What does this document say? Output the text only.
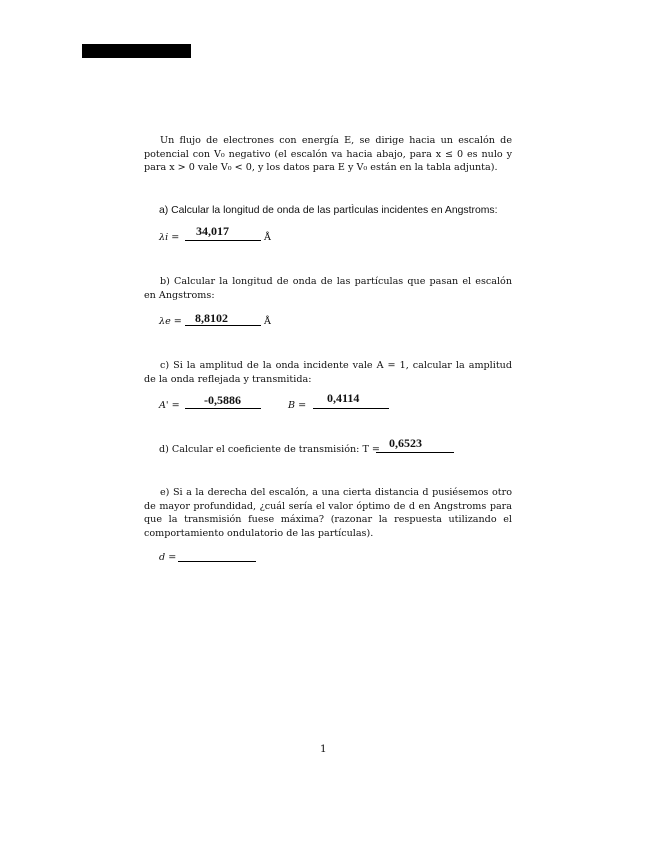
Un flujo de electrones con energía E, se dirige hacia un escalón de potencial con V₀ negativo (el escalón va hacia abajo, para x ≤ 0 es nulo y para x > 0 vale V₀ < 0, y los datos para E y V₀ están en la tabla adjunta).
a) Calcular la longitud de onda de las partÌculas incidentes en Angstroms:
λi = 34,017	Å
b) Calcular la longitud de onda de las partículas que pasan el escalón en Angstroms:
λe = 8,8102	Å
c) Si la amplitud de la onda incidente vale A = 1, calcular la amplitud de la onda reflejada y transmitida:
A' = -0,5886	B =
0,4114
d) Calcular el coeficiente de transmisión: T = 0,6523
e) Si a la derecha del escalón, a una cierta distancia d pusiésemos otro de mayor profundidad, ¿cuál sería el valor óptimo de d en Angstroms para que la transmisión fuese máxima? (razonar la respuesta utilizando el comportamiento ondulatorio de las partículas).
d =
1
